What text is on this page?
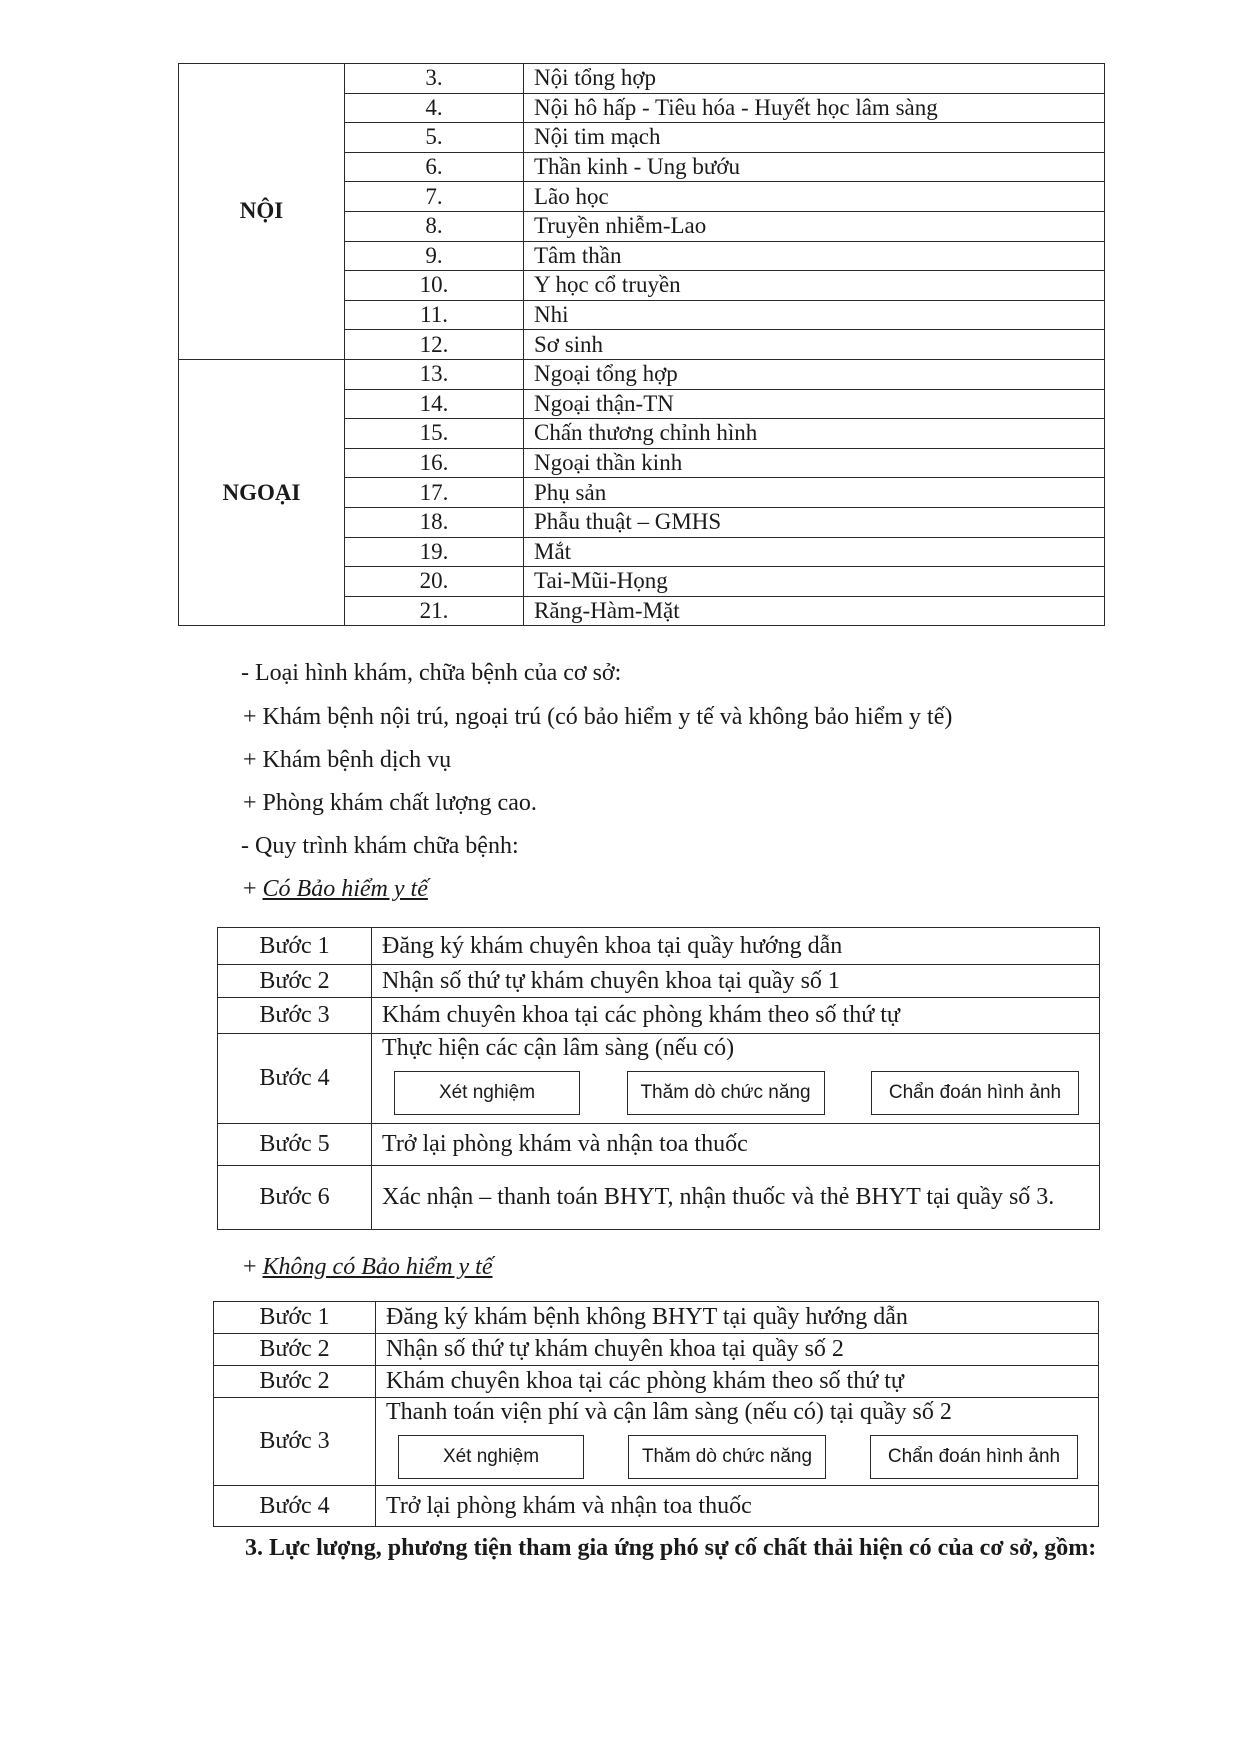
NỘI	3.	Nội tổng hợp
	4.	Nội hô hấp - Tiêu hóa - Huyết học lâm sàng
	5.	Nội tim mạch
	6.	Thần kinh - Ung bướu
	7.	Lão học
	8.	Truyền nhiễm-Lao
	9.	Tâm thần
	10.	Y học cổ truyền
	11.	Nhi
	12.	Sơ sinh
NGOẠI	13.	Ngoại tổng hợp
	14.	Ngoại thận-TN
	15.	Chấn thương chỉnh hình
	16.	Ngoại thần kinh
	17.	Phụ sản
	18.	Phẫu thuật – GMHS
	19.	Mắt
	20.	Tai-Mũi-Họng
	21.	Răng-Hàm-Mặt
- Loại hình khám, chữa bệnh của cơ sở:
+ Khám bệnh nội trú, ngoại trú (có bảo hiểm y tế và không bảo hiểm y tế)
+ Khám bệnh dịch vụ
+ Phòng khám chất lượng cao.
- Quy trình khám chữa bệnh:
+ Có Bảo hiểm y tế
Bước 1	Đăng ký khám chuyên khoa tại quầy hướng dẫn

Bước 2	Nhận số thứ tự khám chuyên khoa tại quầy số 1

Bước 3	Khám chuyên khoa tại các phòng khám theo số thứ tự

Bước 4	Thực hiện các cận lâm sàng (nếu có)
Xét nghiệm Thăm dò chức năng Chẩn đoán hình ảnh

Bước 5	Trở lại phòng khám và nhận toa thuốc

Bước 6	Xác nhận – thanh toán BHYT, nhận thuốc và thẻ BHYT tại quầy số 3.
+ Không có Bảo hiểm y tế
Bước 1	Đăng ký khám bệnh không BHYT tại quầy hướng dẫn

Bước 2	Nhận số thứ tự khám chuyên khoa tại quầy số 2

Bước 2	Khám chuyên khoa tại các phòng khám theo số thứ tự

Bước 3	Thanh toán viện phí và cận lâm sàng (nếu có) tại quầy số 2
Xét nghiệm Thăm dò chức năng Chẩn đoán hình ảnh

Bước 4	Trở lại phòng khám và nhận toa thuốc
3. Lực lượng, phương tiện tham gia ứng phó sự cố chất thải hiện có của cơ sở, gồm:
